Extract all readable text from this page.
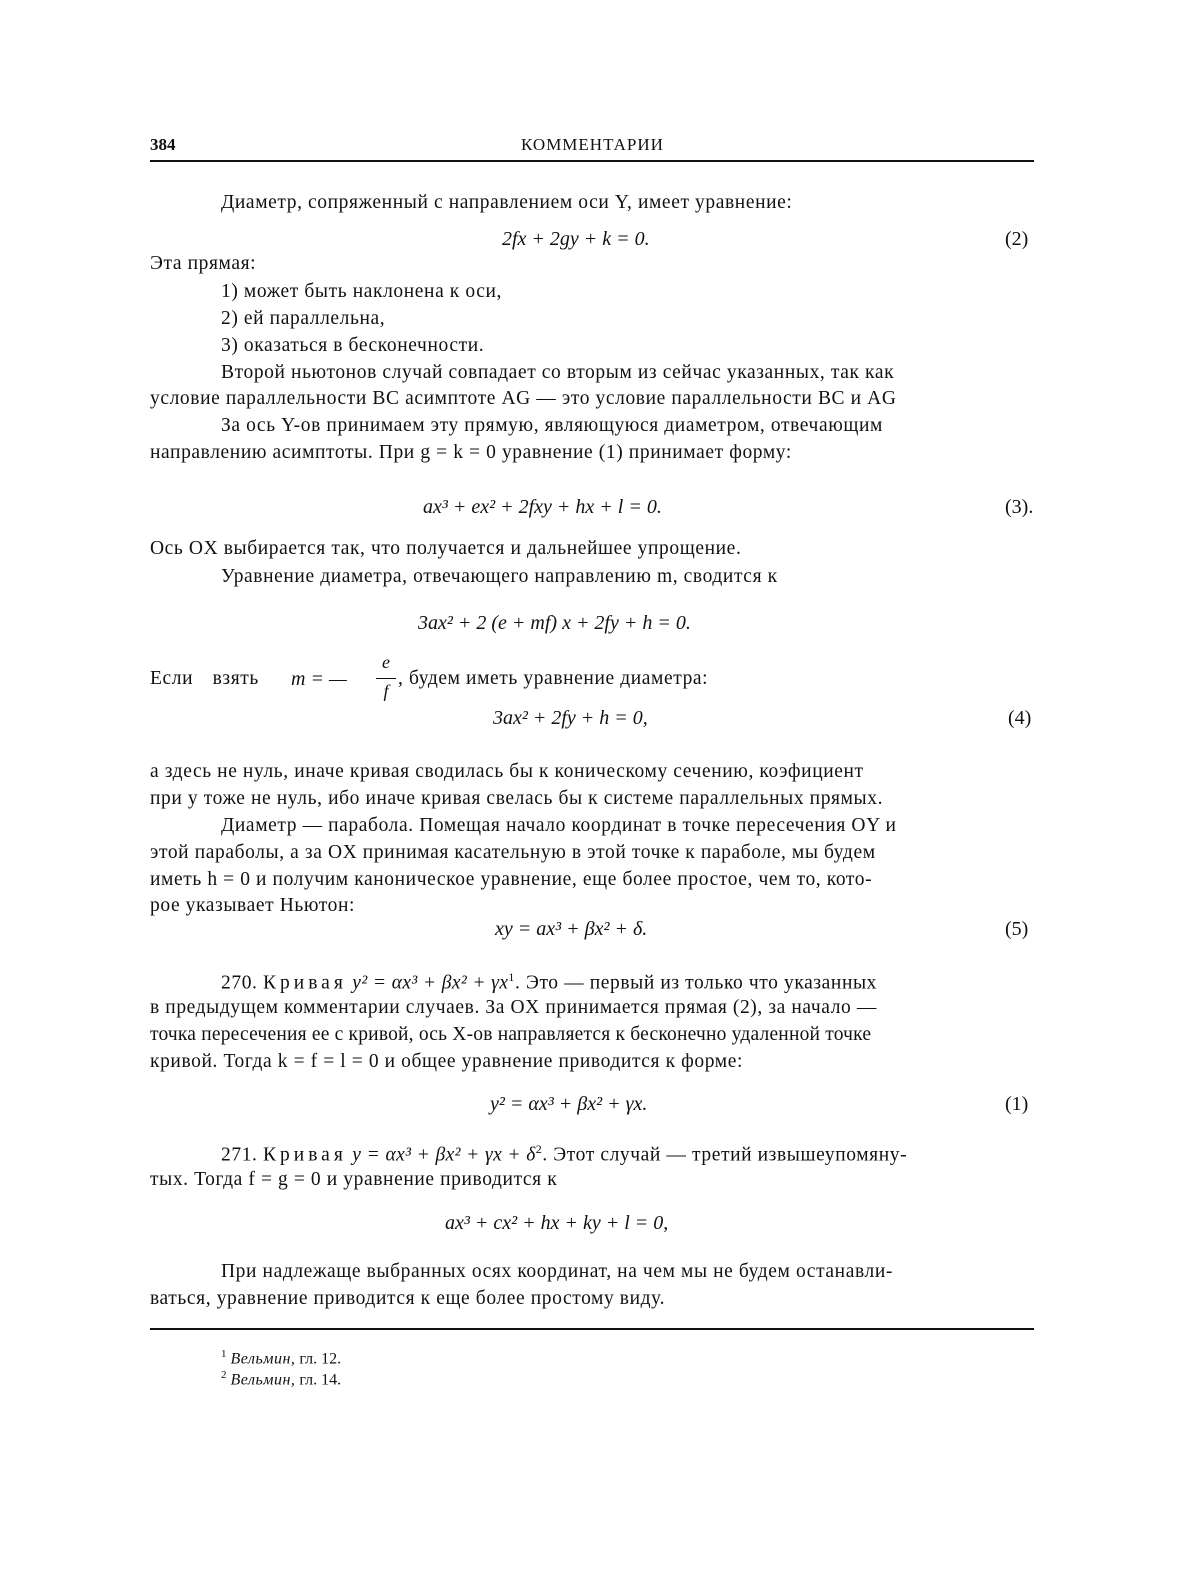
384	КОММЕНТАРИИ
Диаметр, сопряженный с направлением оси Y, имеет уравнение:
2fx + 2gy + k = 0.	(2)
Эта прямая:
1) может быть наклонена к оси,
2) ей параллельна,
3) оказаться в бесконечности.
Второй ньютонов случай совпадает со вторым из сейчас указанных, так как
условие параллельности BC асимптоте AG — это условие параллельности BC и AG
За ось Y-ов принимаем эту прямую, являющуюся диаметром, отвечающим
направлению асимптоты. При g = k = 0 уравнение (1) принимает форму:
ax³ + ex² + 2fxy + hx + l = 0.	(3).
Ось OX выбирается так, что получается и дальнейшее упрощение.
Уравнение диаметра, отвечающего направлению m, сводится к
3ax² + 2 (e + mf) x + 2fy + h = 0.
Если взять m = —
e
f
, будем иметь уравнение диаметра:
3ax² + 2fy + h = 0,	(4)
a здесь не нуль, иначе кривая сводилась бы к коническому сечению, коэфициент
при y тоже не нуль, ибо иначе кривая свелась бы к системе параллельных прямых.
Диаметр — парабола. Помещая начало координат в точке пересечения OY и
этой параболы, а за OX принимая касательную в этой точке к параболе, мы будем
иметь h = 0 и получим каноническое уравнение, еще более простое, чем то, кото-
рое указывает Ньютон:
xy = ax³ + βx² + δ.	(5)
270. Кривая y² = αx³ + βx² + γx1. Это — первый из только что указанных
в предыдущем комментарии случаев. За OX принимается прямая (2), за начало —
точка пересечения ее с кривой, ось X-ов направляется к бесконечно удаленной точке
кривой. Тогда k = f = l = 0 и общее уравнение приводится к форме:
y² = αx³ + βx² + γx.	(1)
271. Кривая y = αx³ + βx² + γx + δ2. Этот случай — третий извышеупомяну-
тых. Тогда f = g = 0 и уравнение приводится к
ax³ + cx² + hx + ky + l = 0,
При надлежаще выбранных осях координат, на чем мы не будем останавли-
ваться, уравнение приводится к еще более простому виду.
1 Вельмин, гл. 12.
2 Вельмин, гл. 14.
